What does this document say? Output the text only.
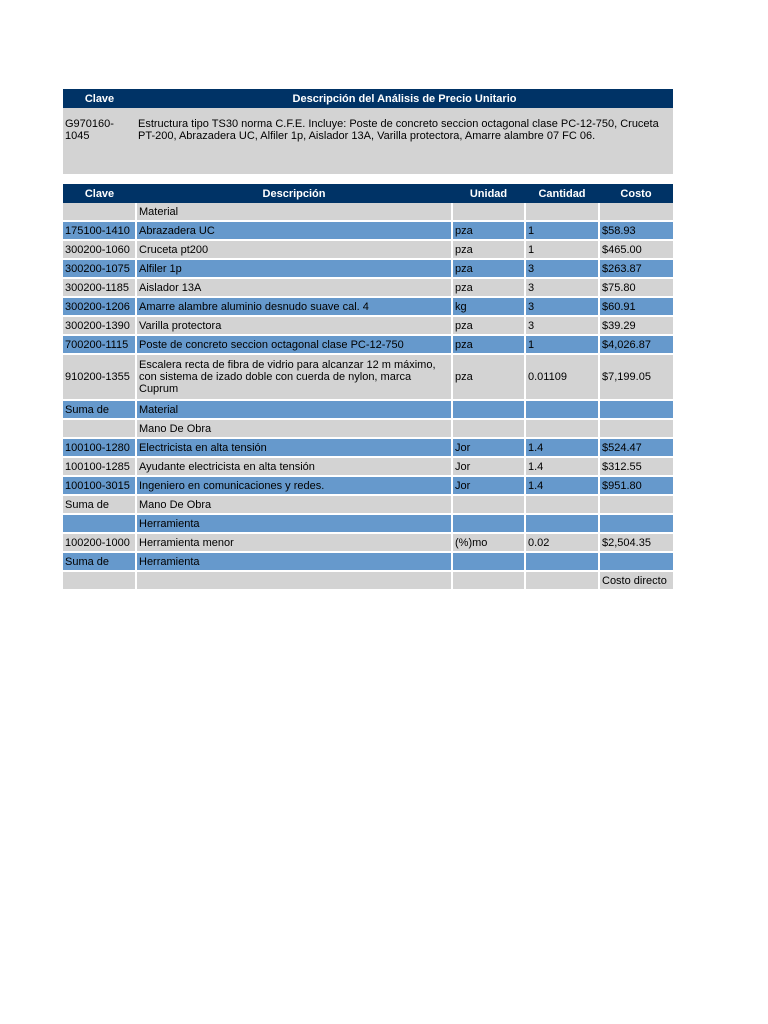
Clave	Descripción del Análisis de Precio Unitario
G970160-1045	Estructura tipo TS30 norma C.F.E. Incluye: Poste de concreto seccion octagonal clase PC-12-750, Cruceta PT-200, Abrazadera UC, Alfiler 1p, Aislador 13A, Varilla protectora, Amarre alambre 07 FC 06.
Clave	Descripción	Unidad	Cantidad	Costo
	Material			
175100-1410	Abrazadera UC	pza	1	$58.93
300200-1060	Cruceta pt200	pza	1	$465.00
300200-1075	Alfiler 1p	pza	3	$263.87
300200-1185	Aislador 13A	pza	3	$75.80
300200-1206	Amarre alambre aluminio desnudo suave cal. 4	kg	3	$60.91
300200-1390	Varilla protectora	pza	3	$39.29
700200-1115	Poste de concreto seccion octagonal clase PC-12-750	pza	1	$4,026.87
910200-1355	Escalera recta de fibra de vidrio para alcanzar 12 m máximo, con sistema de izado doble con cuerda de nylon, marca Cuprum	pza	0.01109	$7,199.05
Suma de	Material			
	Mano De Obra			
100100-1280	Electricista en alta tensión	Jor	1.4	$524.47
100100-1285	Ayudante electricista en alta tensión	Jor	1.4	$312.55
100100-3015	Ingeniero en comunicaciones y redes.	Jor	1.4	$951.80
Suma de	Mano De Obra			
	Herramienta			
100200-1000	Herramienta menor	(%)mo	0.02	$2,504.35
Suma de	Herramienta			
				Costo directo
